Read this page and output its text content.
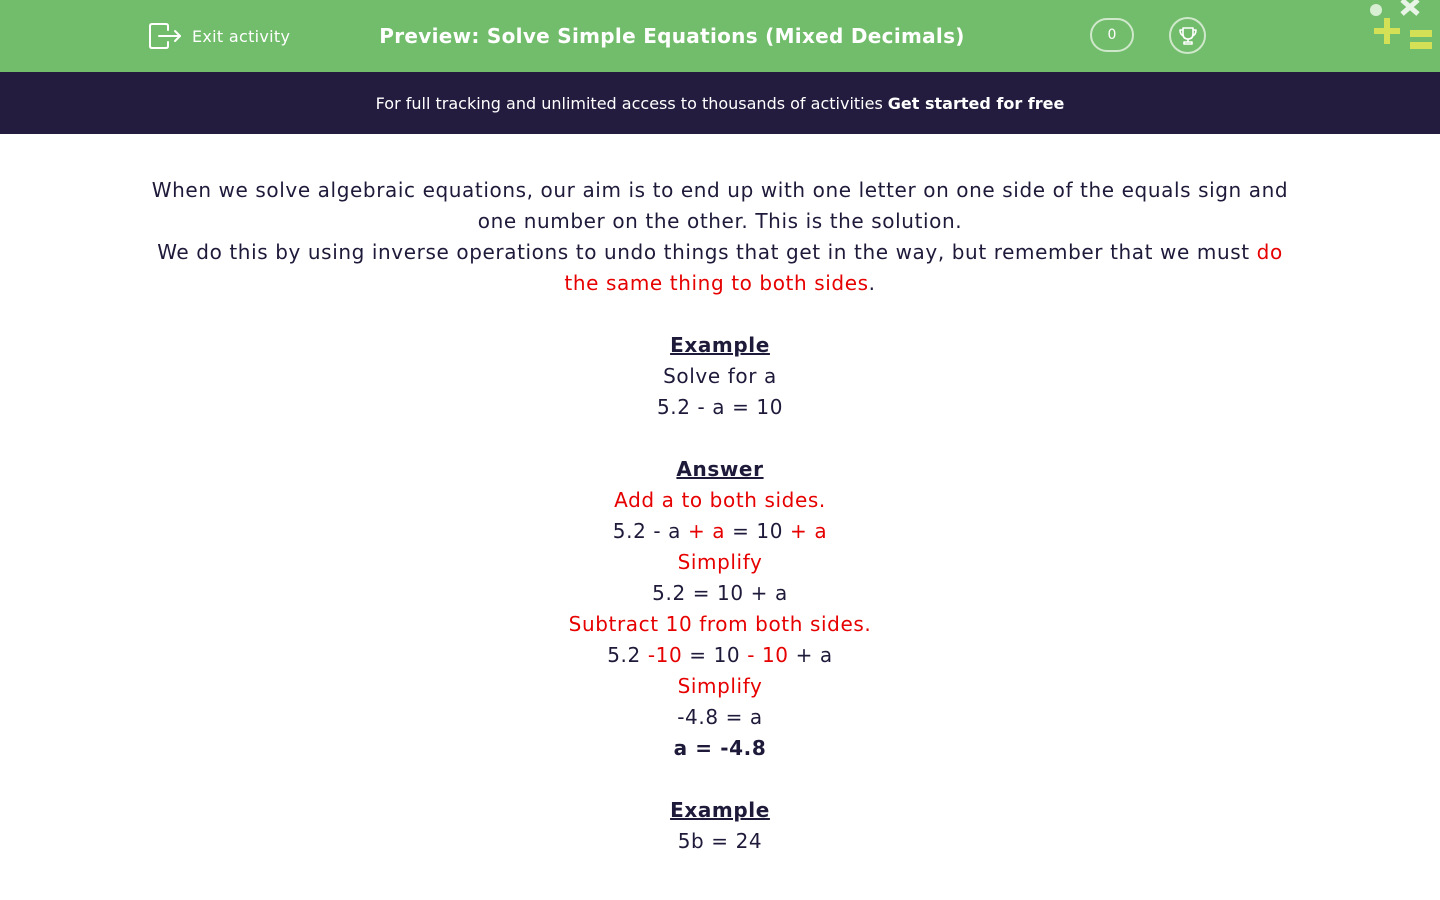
Exit activity	Preview: Solve Simple Equations (Mixed Decimals)	0
For full tracking and unlimited access to thousands of activities Get started for free

When we solve algebraic equations, our aim is to end up with one letter on one side of the equals sign and one number on the other. This is the solution.

We do this by using inverse operations to undo things that get in the way, but remember that we must do the same thing to both sides.

Example

Solve for a

5.2 - a = 10

Answer

Add a to both sides.

5.2 - a + a = 10 + a

Simplify

5.2 = 10 + a

Subtract 10 from both sides.

5.2 -10 = 10 - 10 + a

Simplify

-4.8 = a

a = -4.8

Example

5b = 24
